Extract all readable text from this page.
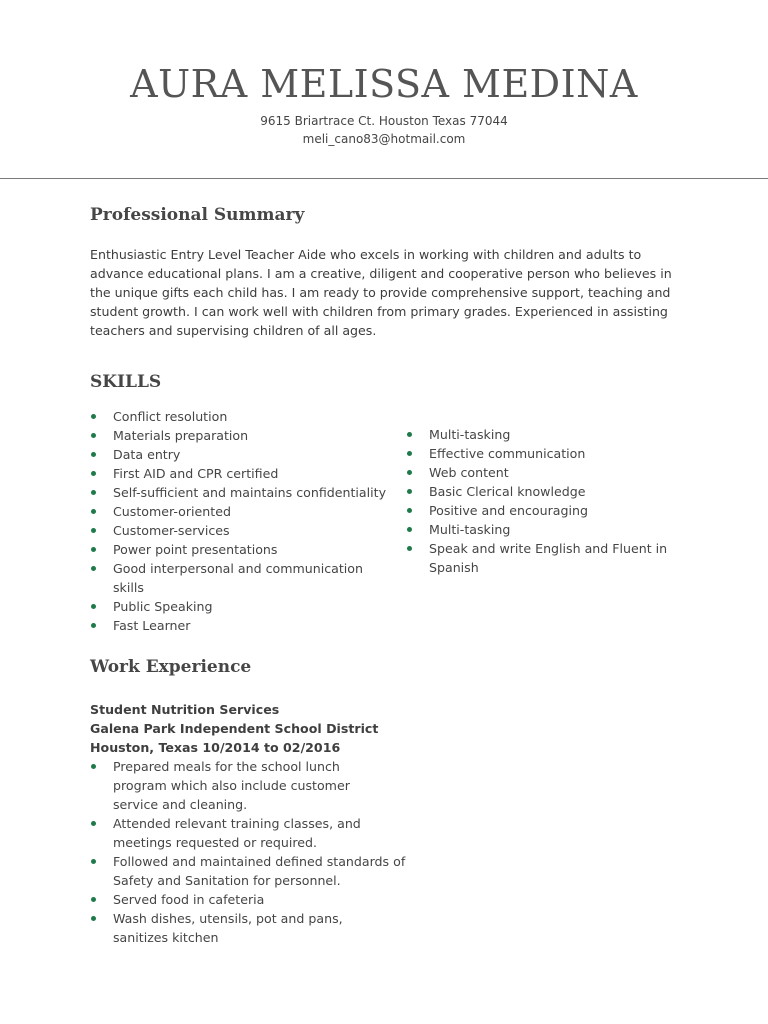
AURA MELISSA MEDINA
9615 Briartrace Ct. Houston Texas 77044
meli_cano83@hotmail.com
Professional Summary

Enthusiastic Entry Level Teacher Aide who excels in working with children and adults to advance educational plans. I am a creative, diligent and cooperative person who believes in the unique gifts each child has. I am ready to provide comprehensive support, teaching and student growth. I can work well with children from primary grades. Experienced in assisting teachers and supervising children of all ages.

SKILLS
Conflict resolution
Materials preparation
Data entry
First AID and CPR certified
Self-sufficient and maintains confidentiality
Customer-oriented
Customer-services
Power point presentations
Good interpersonal and communication skills
Public Speaking
Fast Learner
Multi-tasking
Effective communication
Web content
Basic Clerical knowledge
Positive and encouraging
Multi-tasking
Speak and write English and Fluent in Spanish
Work Experience
Student Nutrition Services
Galena Park Independent School District
Houston, Texas 10/2014 to 02/2016
Prepared meals for the school lunch program which also include customer service and cleaning.
Attended relevant training classes, and meetings requested or required.
Followed and maintained defined standards of Safety and Sanitation for personnel.
Served food in cafeteria
Wash dishes, utensils, pot and pans, sanitizes kitchen
